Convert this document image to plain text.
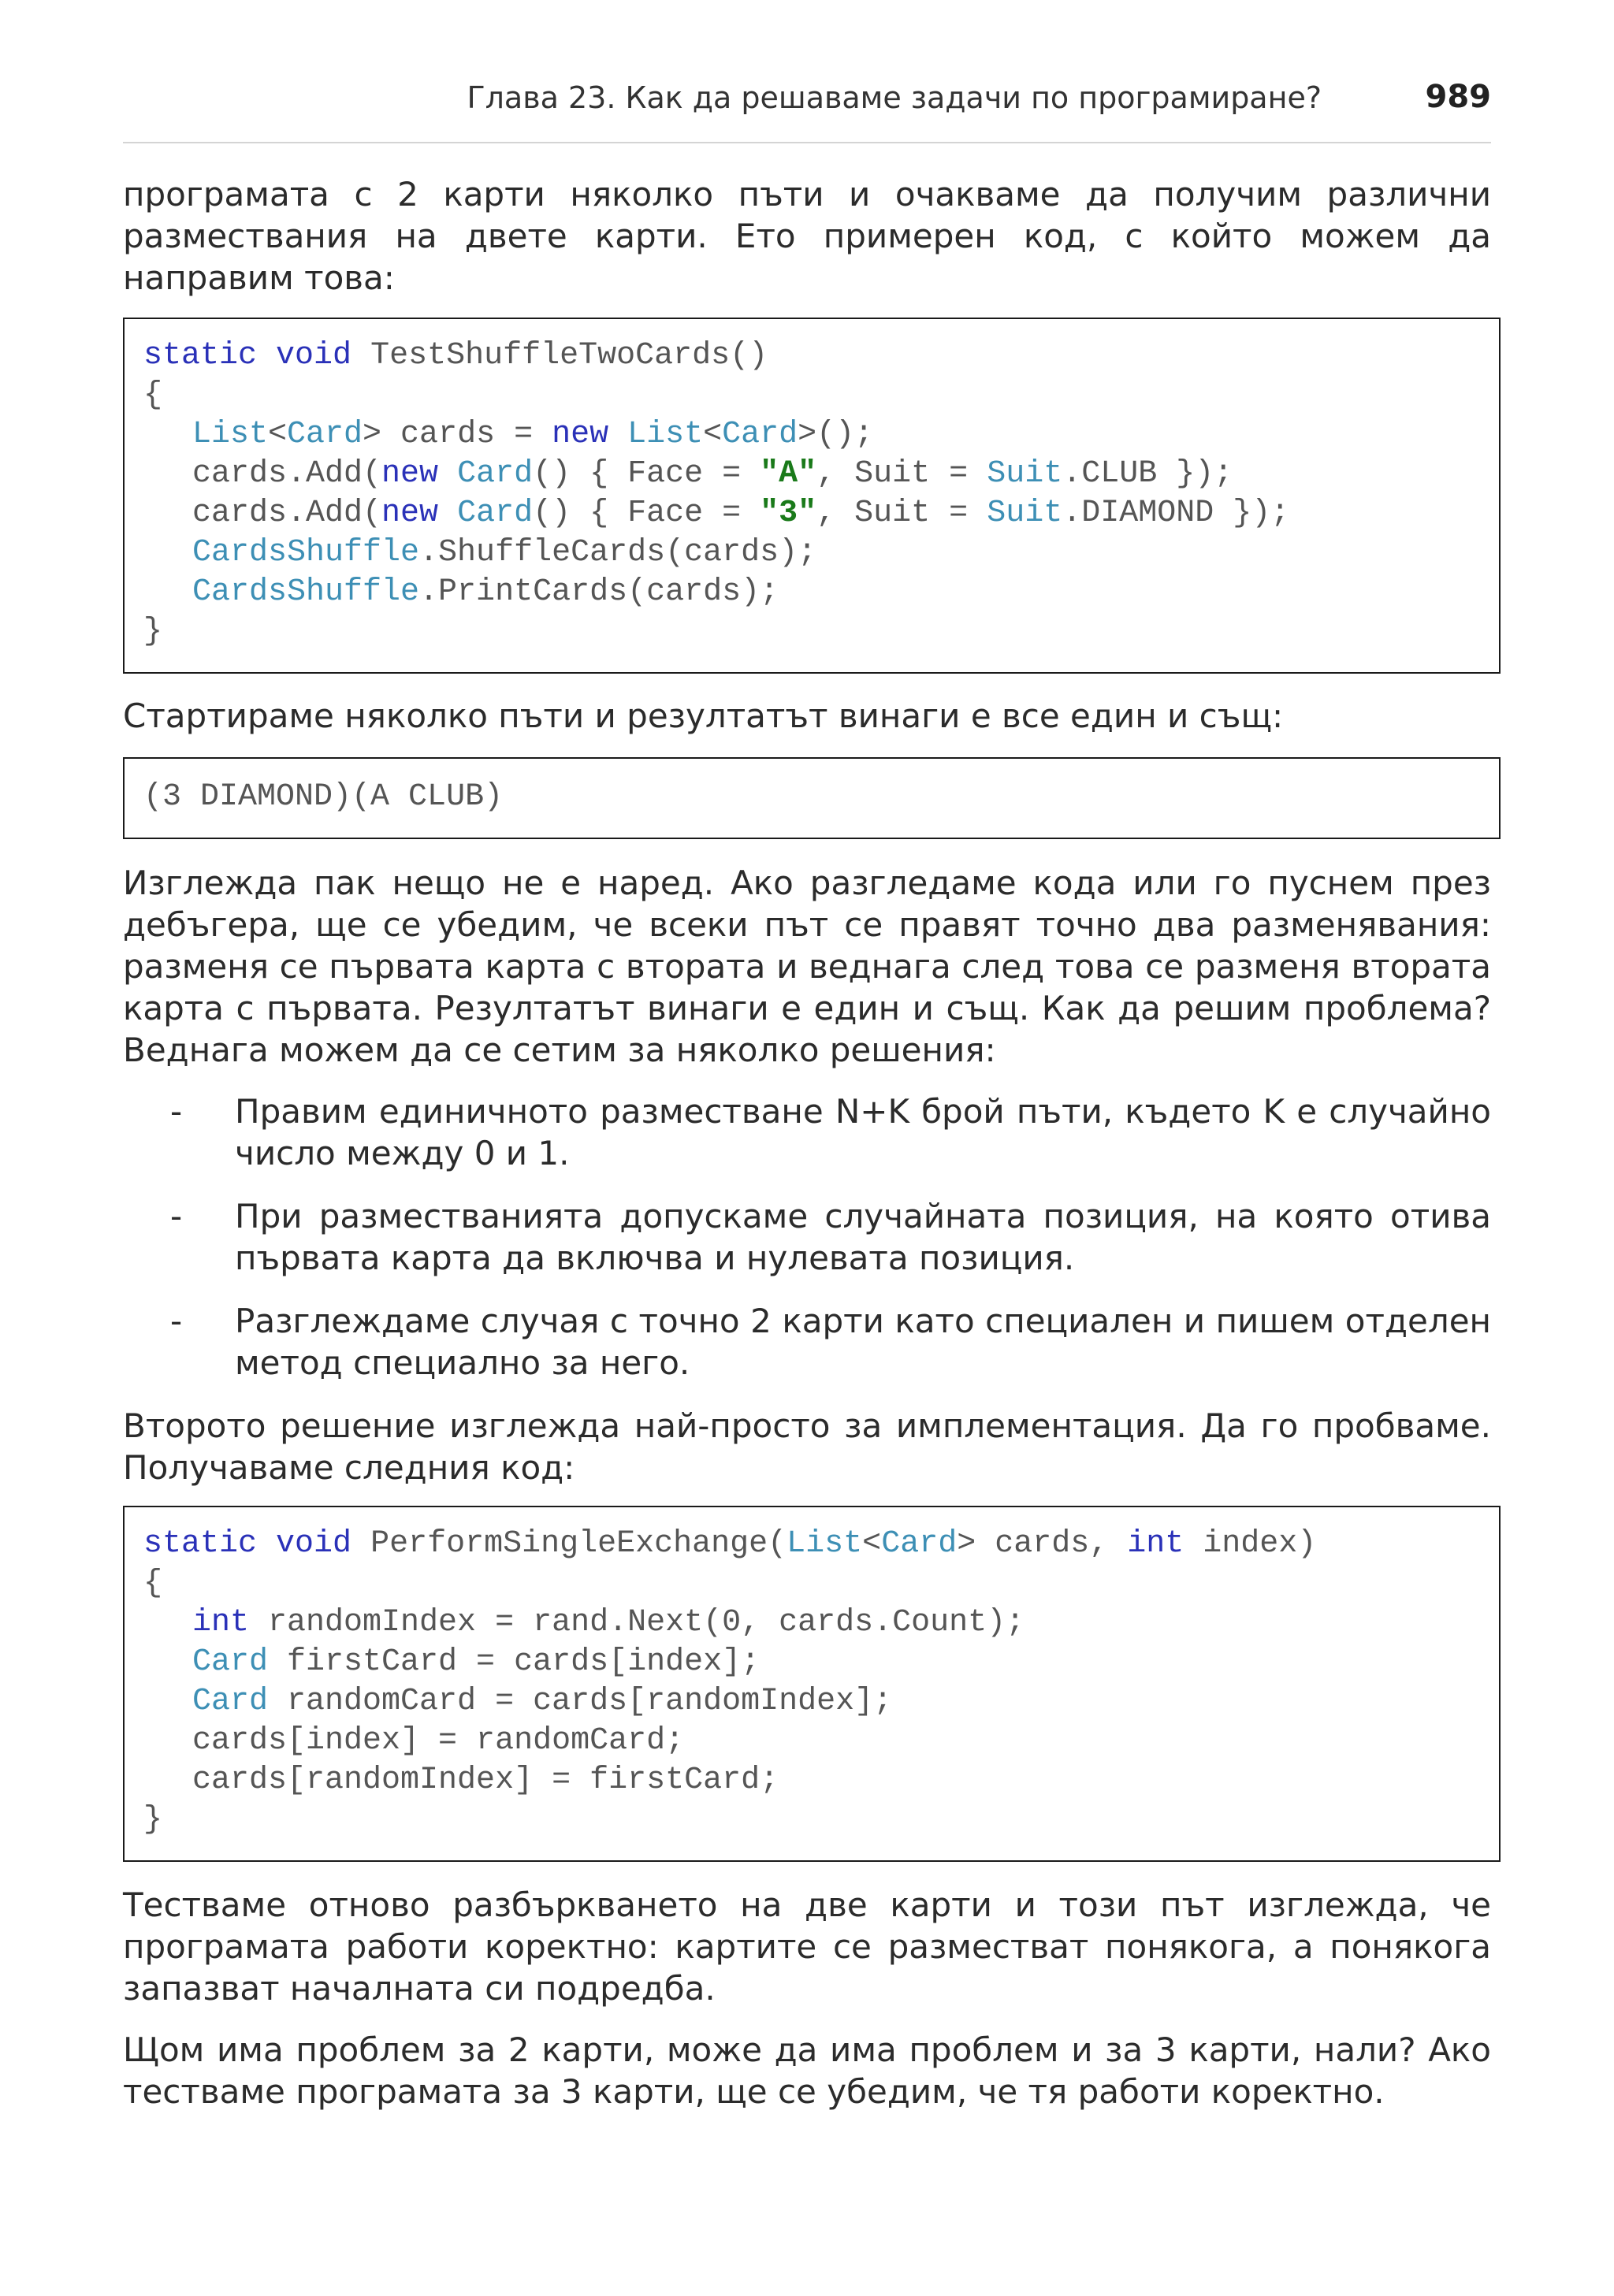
Глава 23. Как да решаваме задачи по програмиране?	989

програмата с 2 карти няколко пъти и очакваме да получим различни размествания на двете карти. Ето примерен код, с който можем да направим това:

static void TestShuffleTwoCards()
{
List<Card> cards = new List<Card>();
cards.Add(new Card() { Face = "A", Suit = Suit.CLUB });
cards.Add(new Card() { Face = "3", Suit = Suit.DIAMOND });
CardsShuffle.ShuffleCards(cards);
CardsShuffle.PrintCards(cards);
}

Стартираме няколко пъти и резултатът винаги е все един и същ:

(3 DIAMOND)(A CLUB)

Изглежда пак нещо не е наред. Ако разгледаме кода или го пуснем през дебъгера, ще се убедим, че всеки път се правят точно два разменявания: разменя се първата карта с втората и веднага след това се разменя втората карта с първата. Резултатът винаги е един и същ. Как да решим проблема? Веднага можем да се сетим за няколко решения:

- Правим единичното разместване N+K брой пъти, където K е случайно число между 0 и 1.

- При разместванията допускаме случайната позиция, на която отива първата карта да включва и нулевата позиция.

- Разглеждаме случая с точно 2 карти като специален и пишем отделен метод специално за него.

Второто решение изглежда най-просто за имплементация. Да го пробваме. Получаваме следния код:

static void PerformSingleExchange(List<Card> cards, int index)
{
int randomIndex = rand.Next(0, cards.Count);
Card firstCard = cards[index];
Card randomCard = cards[randomIndex];
cards[index] = randomCard;
cards[randomIndex] = firstCard;
}

Тестваме отново разбъркването на две карти и този път изглежда, че програмата работи коректно: картите се разместват понякога, а понякога запазват началната си подредба.

Щом има проблем за 2 карти, може да има проблем и за 3 карти, нали? Ако тестваме програмата за 3 карти, ще се убедим, че тя работи коректно.
